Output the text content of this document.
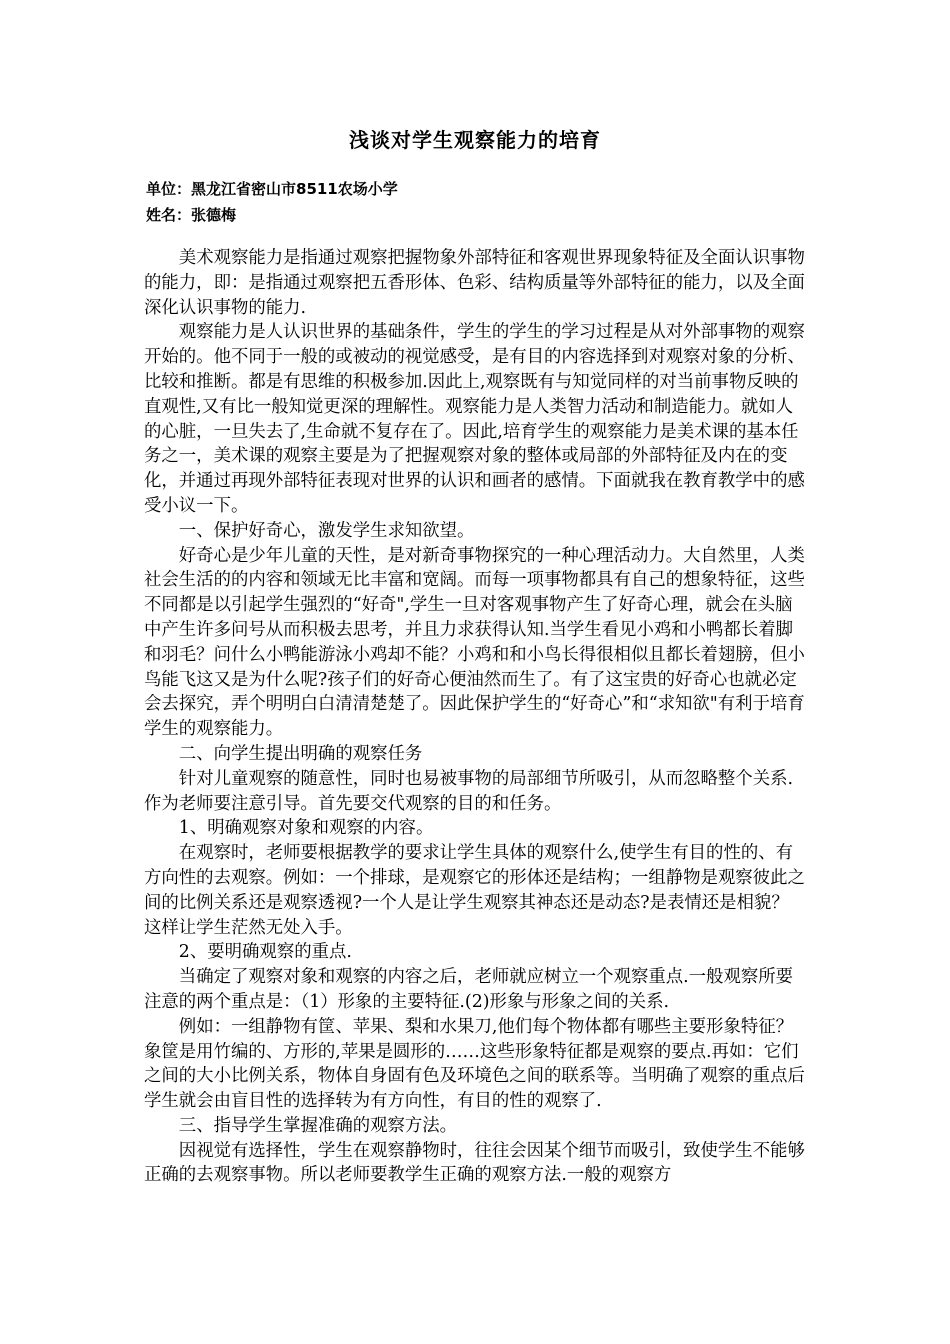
浅谈对学生观察能力的培育
单位：黑龙江省密山市8511农场小学
姓名：张德梅

美术观察能力是指通过观察把握物象外部特征和客观世界现象特征及全面认识事物的能力，即：是指通过观察把五香形体、色彩、结构质量等外部特征的能力，以及全面深化认识事物的能力.

观察能力是人认识世界的基础条件，学生的学生的学习过程是从对外部事物的观察开始的。他不同于一般的或被动的视觉感受，是有目的内容选择到对观察对象的分析、比较和推断。都是有思维的积极参加.因此上,观察既有与知觉同样的对当前事物反映的直观性,又有比一般知觉更深的理解性。观察能力是人类智力活动和制造能力。就如人的心脏，一旦失去了,生命就不复存在了。因此,培育学生的观察能力是美术课的基本任务之一，美术课的观察主要是为了把握观察对象的整体或局部的外部特征及内在的变化，并通过再现外部特征表现对世界的认识和画者的感情。下面就我在教育教学中的感受小议一下。

一、保护好奇心，激发学生求知欲望。

好奇心是少年儿童的天性，是对新奇事物探究的一种心理活动力。大自然里，人类社会生活的的内容和领域无比丰富和宽阔。而每一项事物都具有自己的想象特征，这些不同都是以引起学生强烈的“好奇",学生一旦对客观事物产生了好奇心理，就会在头脑中产生许多问号从而积极去思考，并且力求获得认知.当学生看见小鸡和小鸭都长着脚和羽毛？问什么小鸭能游泳小鸡却不能？小鸡和和小鸟长得很相似且都长着翅膀，但小鸟能飞这又是为什么呢?孩子们的好奇心便油然而生了。有了这宝贵的好奇心也就必定会去探究，弄个明明白白清清楚楚了。因此保护学生的“好奇心”和“求知欲"有利于培育学生的观察能力。

二、向学生提出明确的观察任务

针对儿童观察的随意性，同时也易被事物的局部细节所吸引，从而忽略整个关系.作为老师要注意引导。首先要交代观察的目的和任务。

1、明确观察对象和观察的内容。

在观察时，老师要根据教学的要求让学生具体的观察什么,使学生有目的性的、有方向性的去观察。例如：一个排球，是观察它的形体还是结构；一组静物是观察彼此之间的比例关系还是观察透视?一个人是让学生观察其神态还是动态?是表情还是相貌？这样让学生茫然无处入手。

2、要明确观察的重点.

当确定了观察对象和观察的内容之后，老师就应树立一个观察重点.一般观察所要注意的两个重点是：（1）形象的主要特征.(2)形象与形象之间的关系.

例如：一组静物有筐、苹果、梨和水果刀,他们每个物体都有哪些主要形象特征？象筐是用竹编的、方形的,苹果是圆形的……这些形象特征都是观察的要点.再如：它们之间的大小比例关系，物体自身固有色及环境色之间的联系等。当明确了观察的重点后学生就会由盲目性的选择转为有方向性，有目的性的观察了.

三、指导学生掌握准确的观察方法。

因视觉有选择性，学生在观察静物时，往往会因某个细节而吸引，致使学生不能够正确的去观察事物。所以老师要教学生正确的观察方法.一般的观察方
